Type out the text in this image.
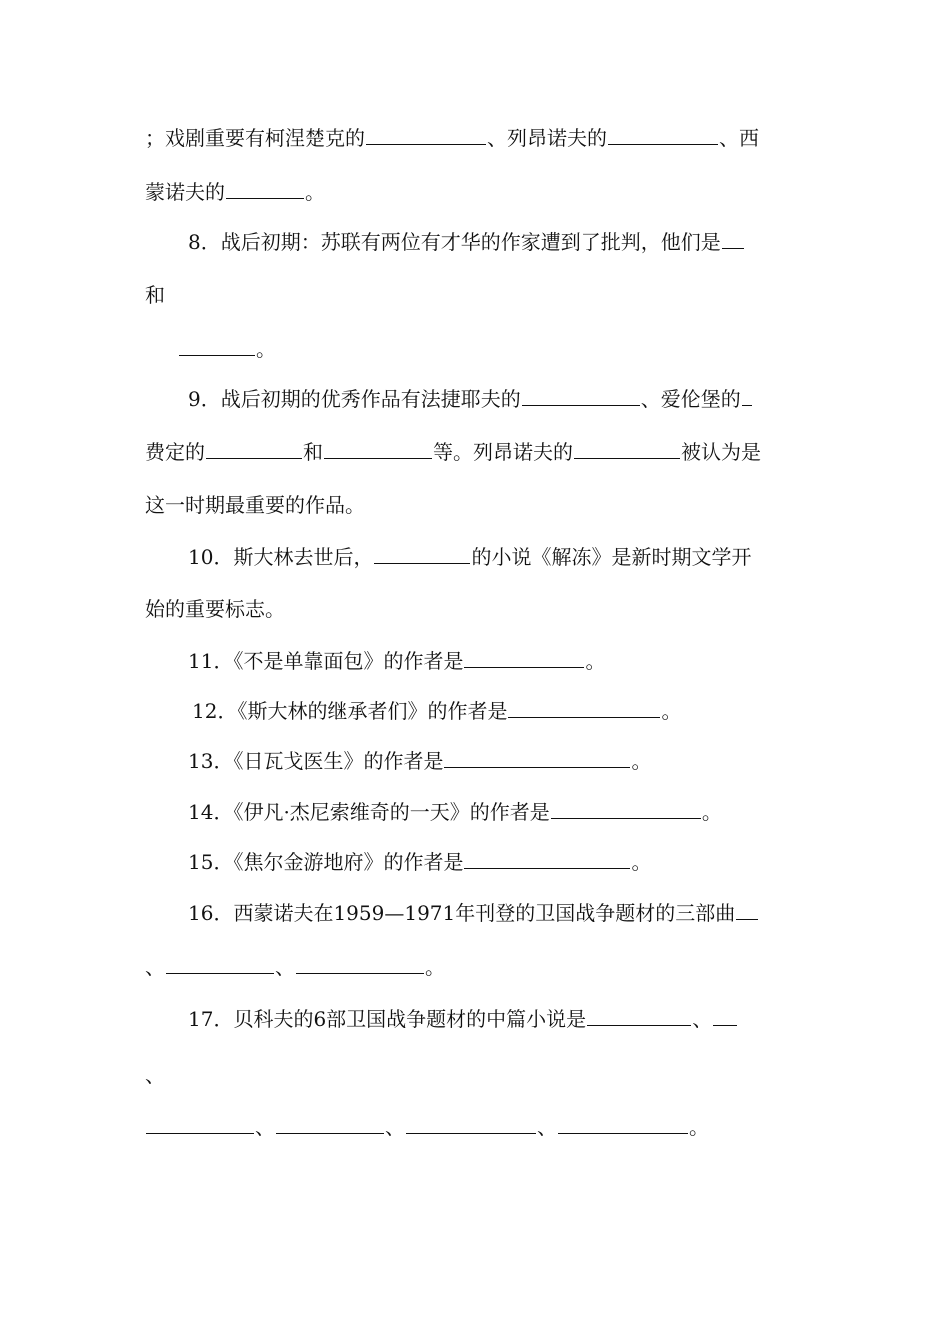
；戏剧重要有柯涅楚克的	、列昂诺夫的	、西
蒙诺夫的	。
8．战后初期：苏联有两位有才华的作家遭到了批判，他们是
和
。
9．战后初期的优秀作品有法捷耶夫的	、爱伦堡的
费定的	和	等。列昂诺夫的	被认为是
这一时期最重要的作品。
10．斯大林去世后，	的小说《解冻》是新时期文学开
始的重要标志。
11．《不是单靠面包》的作者是	。
12．《斯大林的继承者们》的作者是	。
13．《日瓦戈医生》的作者是	。
14．《伊凡·杰尼索维奇的一天》的作者是	。
15．《焦尔金游地府》的作者是	。
16．西蒙诺夫在1959—1971年刊登的卫国战争题材的三部曲
、	、	。
17．贝科夫的6部卫国战争题材的中篇小说是	、
、
、	、	、	。
